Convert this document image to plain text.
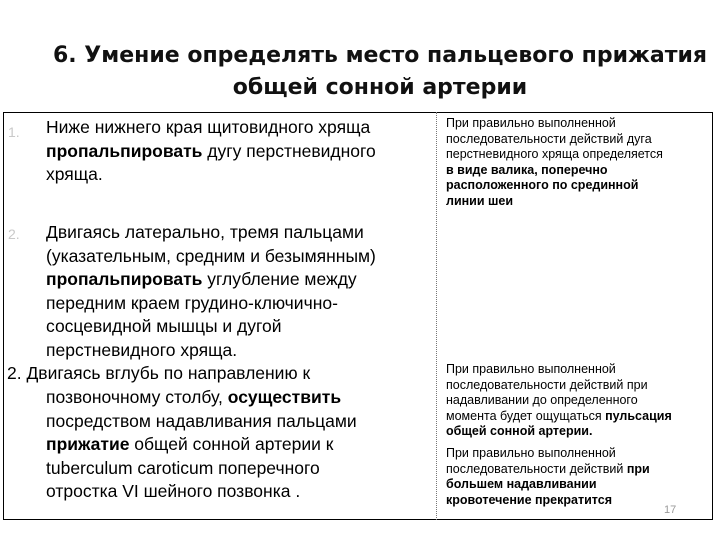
6. Умение определять место пальцевого прижатия
общей сонной артерии
1. Ниже нижнего края щитовидного хряща
пропальпировать дугу перстневидного
хряща.
2. Двигаясь латерально, тремя пальцами
(указательным, средним и безымянным)
пропальпировать углубление между
передним краем грудино-ключично-
сосцевидной мышцы и дугой
перстневидного хряща.
2. Двигаясь вглубь по направлению к
позвоночному столбу, осуществить
посредством надавливания пальцами
прижатие общей сонной артерии к
tuberculum caroticum поперечного
отростка VI шейного позвонка .
При правильно выполненной
последовательности действий дуга
перстневидного хряща определяется
в виде валика, поперечно
расположенного по срединной
линии шеи
При правильно выполненной
последовательности действий при
надавливании до определенного
момента будет ощущаться пульсация
общей сонной артерии.
При правильно выполненной
последовательности действий при
большем надавливании
кровотечение прекратится
17
